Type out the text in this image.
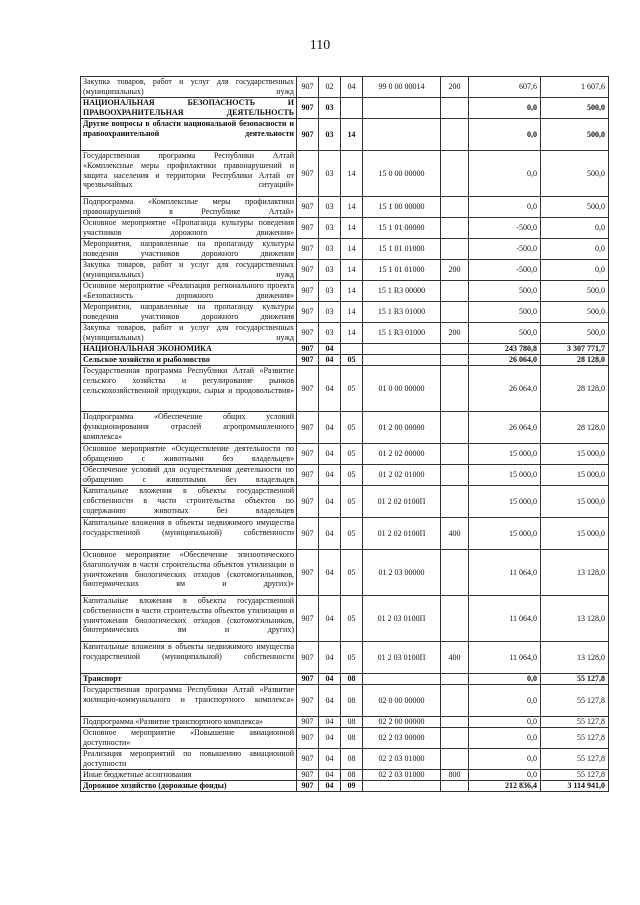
110
Закупка товаров, работ и услуг для государственных (муниципальных) нужд	907	02	04	99 0 00 00014	200	607,6	1 607,6
НАЦИОНАЛЬНАЯ БЕЗОПАСНОСТЬ И ПРАВООХРАНИТЕЛЬНАЯ ДЕЯТЕЛЬНОСТЬ	907	03				0,0	500,0
Другие вопросы в области национальной безопасности и правоохранительной деятельности	907	03	14			0,0	500,0
Государственная программа Республики Алтай «Комплексные меры профилактики правонарушений и защита населения и территории Республики Алтай от чрезвычайных ситуаций»	907	03	14	15 0 00 00000		0,0	500,0
Подпрограмма «Комплексные меры профилактики правонарушений в Республике Алтай»	907	03	14	15 1 00 00000		0,0	500,0
Основное мероприятие «Пропаганда культуры поведения участников дорожного движения»	907	03	14	15 1 01 00000		-500,0	0,0
Мероприятия, направленные на пропаганду культуры поведения участников дорожного движения	907	03	14	15 1 01 01000		-500,0	0,0
Закупка товаров, работ и услуг для государственных (муниципальных) нужд	907	03	14	15 1 01 01000	200	-500,0	0,0
Основное мероприятие «Реализация регионального проекта «Безопасность дорожного движения»	907	03	14	15 1 R3 00000		500,0	500,0
Мероприятия, направленные на пропаганду культуры поведения участников дорожного движения	907	03	14	15 1 R3 01000		500,0	500,0
Закупка товаров, работ и услуг для государственных (муниципальных) нужд	907	03	14	15 1 R3 01000	200	500,0	500,0
НАЦИОНАЛЬНАЯ ЭКОНОМИКА	907	04				243 780,8	3 307 771,7
Сельское хозяйство и рыболовство	907	04	05			26 064,0	28 128,0
Государственная программа Республики Алтай «Развитие сельского хозяйства и регулирование рынков сельскохозяйственной продукции, сырья и продовольствия»	907	04	05	01 0 00 00000		26 064,0	28 128,0
Подпрограмма «Обеспечение общих условий функционирования отраслей агропромышленного комплекса»	907	04	05	01 2 00 00000		26 064,0	28 128,0
Основное мероприятие «Осуществление деятельности по обращению с животными без владельцев»	907	04	05	01 2 02 00000		15 000,0	15 000,0
Обеспечение условий для осуществления деятельности по обращению с животными без владельцев	907	04	05	01 2 02 01000		15 000,0	15 000,0
Капитальные вложения в объекты государственной собственности в части строительства объектов по содержанию животных без владельцев	907	04	05	01 2 02 0100П		15 000,0	15 000,0
Капитальные вложения в объекты недвижимого имущества государственной (муниципальной) собственности	907	04	05	01 2 02 0100П	400	15 000,0	15 000,0
Основное мероприятие «Обеспечение эпизоотического благополучия в части строительства объектов утилизации и уничтожения биологических отходов (скотомогильников, биотермических ям и других)»	907	04	05	01 2 03 00000		11 064,0	13 128,0
Капитальные вложения в объекты государственной собственности в части строительства объектов утилизации и уничтожения биологических отходов (скотомогильников, биотермических ям и других)	907	04	05	01 2 03 0100П		11 064,0	13 128,0
Капитальные вложения в объекты недвижимого имущества государственной (муниципальной) собственности	907	04	05	01 2 03 0100П	400	11 064,0	13 128,0
Транспорт	907	04	08			0,0	55 127,8
Государственная программа Республики Алтай «Развитие жилищно-коммунального и транспортного комплекса»	907	04	08	02 0 00 00000		0,0	55 127,8
Подпрограмма «Развитие транспортного комплекса»	907	04	08	02 2 00 00000		0,0	55 127,8
Основное мероприятие «Повышение авиационной доступности»	907	04	08	02 2 03 00000		0,0	55 127,8
Реализация мероприятий по повышению авиационной доступности	907	04	08	02 2 03 01000		0,0	55 127,8
Иные бюджетные ассигнования	907	04	08	02 2 03 01000	800	0,0	55 127,8
Дорожное хозяйство (дорожные фонды)	907	04	09			212 836,4	3 114 941,0
